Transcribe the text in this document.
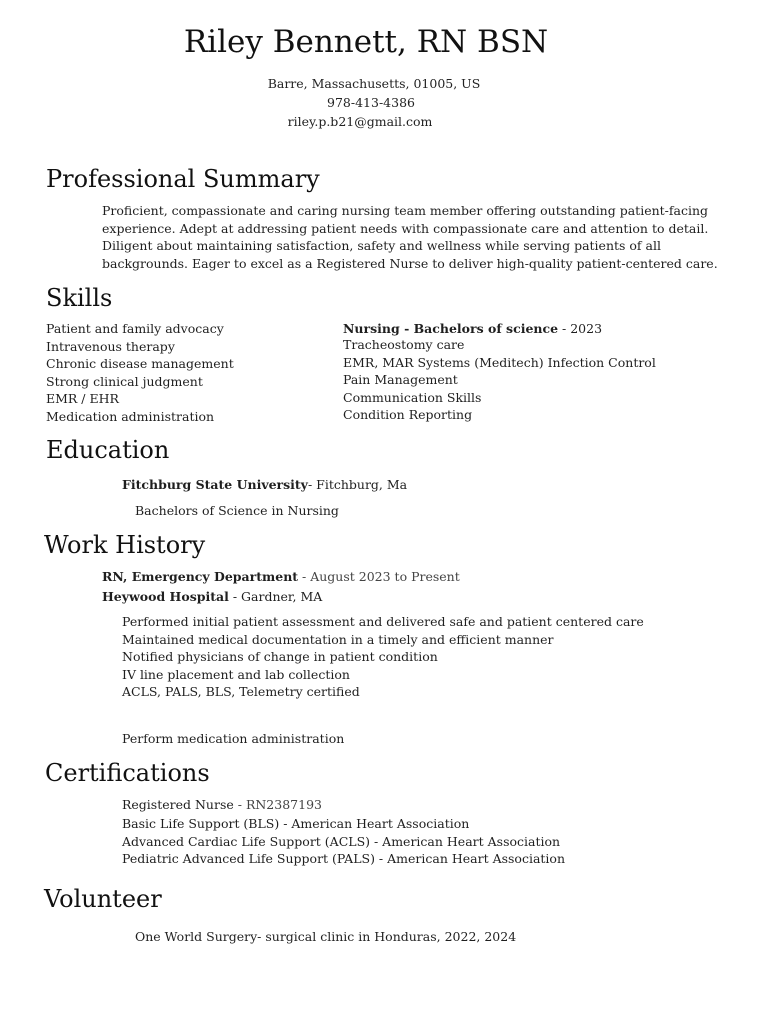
Riley Bennett, RN BSN
Barre, Massachusetts, 01005, US
978-413-4386
riley.p.b21@gmail.com
Professional Summary
Proficient, compassionate and caring nursing team member offering outstanding patient-facing experience. Adept at addressing patient needs with compassionate care and attention to detail. Diligent about maintaining satisfaction, safety and wellness while serving patients of all backgrounds. Eager to excel as a Registered Nurse to deliver high-quality patient-centered care.
Skills
Patient and family advocacy
Intravenous therapy
Chronic disease management
Strong clinical judgment
EMR / EHR
Medication administration
Nursing - Bachelors of science - 2023
Tracheostomy care
EMR, MAR Systems (Meditech) Infection Control
Pain Management
Communication Skills
Condition Reporting
Education
Fitchburg State University- Fitchburg, Ma
Bachelors of Science in Nursing
Work History
RN, Emergency Department - August 2023 to Present
Heywood Hospital - Gardner, MA
Performed initial patient assessment and delivered safe and patient centered care
Maintained medical documentation in a timely and efficient manner
Notified physicians of change in patient condition
IV line placement and lab collection
ACLS, PALS, BLS, Telemetry certified
Perform medication administration
Certifications
Registered Nurse - RN2387193
Basic Life Support (BLS) - American Heart Association
Advanced Cardiac Life Support (ACLS) - American Heart Association
Pediatric Advanced Life Support (PALS) - American Heart Association
Volunteer
One World Surgery- surgical clinic in Honduras, 2022, 2024
